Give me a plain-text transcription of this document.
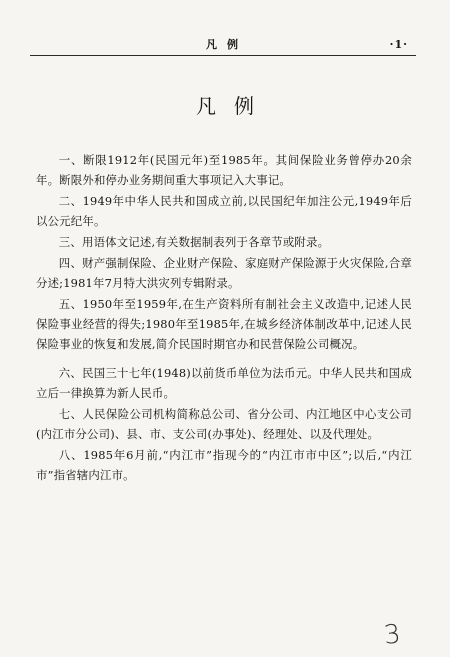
凡例	·1·
凡例

一、断限1912年(民国元年)至1985年。其间保险业务曾停办20余年。断限外和停办业务期间重大事项记入大事记。

二、1949年中华人民共和国成立前,以民国纪年加注公元,1949年后以公元纪年。

三、用语体文记述,有关数据制表列于各章节或附录。

四、财产强制保险、企业财产保险、家庭财产保险源于火灾保险,合章分述;1981年7月特大洪灾列专辑附录。

五、1950年至1959年,在生产资料所有制社会主义改造中,记述人民保险事业经营的得失;1980年至1985年,在城乡经济体制改革中,记述人民保险事业的恢复和发展,简介民国时期官办和民营保险公司概况。

六、民国三十七年(1948)以前货币单位为法币元。中华人民共和国成立后一律换算为新人民币。

七、人民保险公司机构简称总公司、省分公司、内江地区中心支公司(内江市分公司)、县、市、支公司(办事处)、经理处、以及代理处。

八、1985年6月前,“内江市”指现今的“内江市市中区”;以后,“内江市”指省辖内江市。

3
